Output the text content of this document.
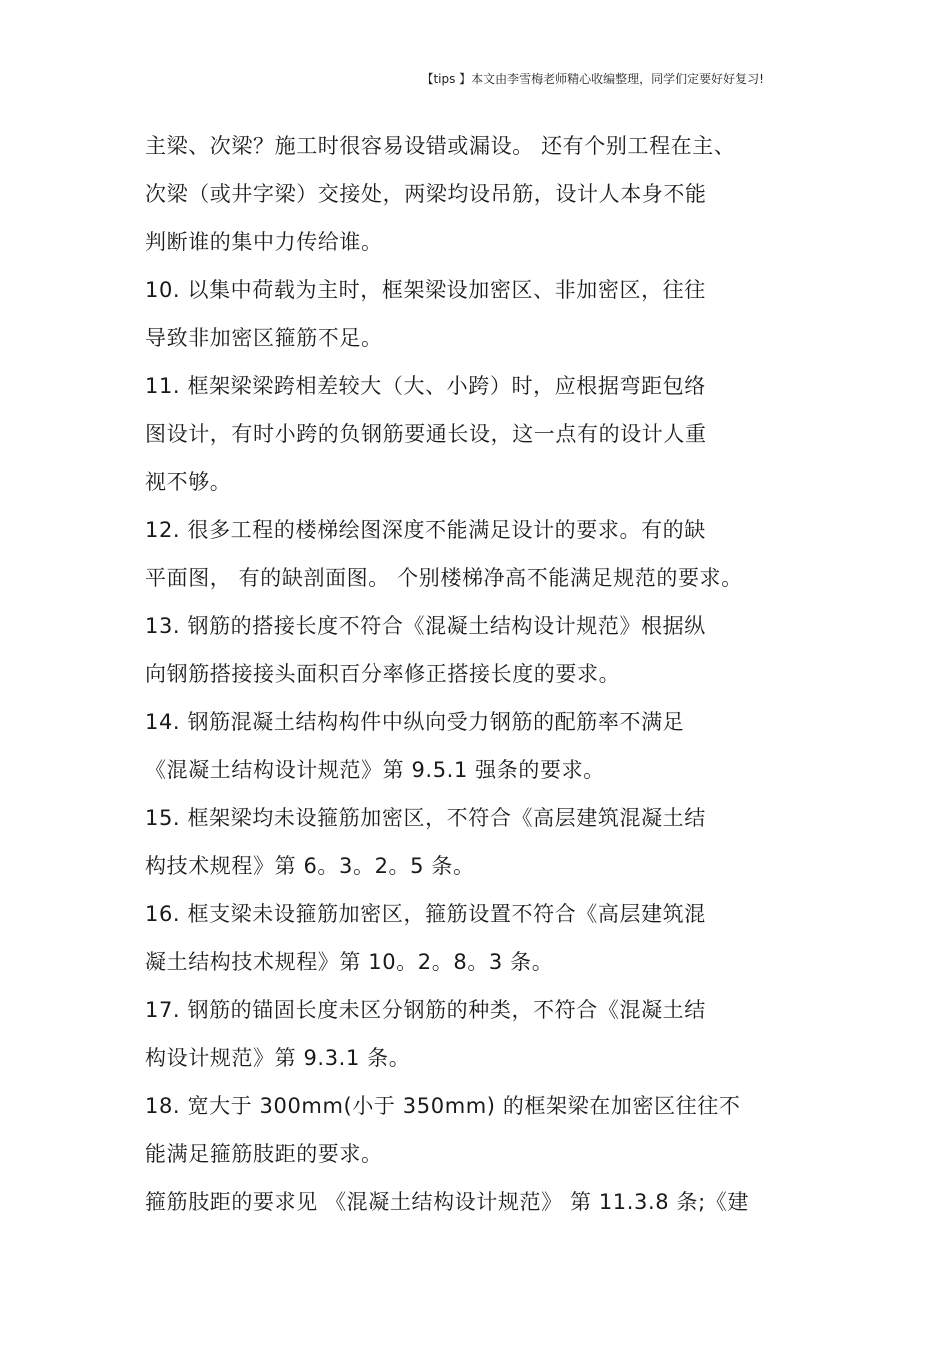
【tips 】本文由李雪梅老师精心收编整理，同学们定要好好复习!
主梁、次梁？施工时很容易设错或漏设。 还有个别工程在主、
次梁（或井字梁）交接处，两梁均设吊筋，设计人本身不能
判断谁的集中力传给谁。
10. 以集中荷载为主时，框架梁设加密区、非加密区，往往
导致非加密区箍筋不足。
11. 框架梁梁跨相差较大（大、小跨）时，应根据弯距包络
图设计，有时小跨的负钢筋要通长设，这一点有的设计人重
视不够。
12. 很多工程的楼梯绘图深度不能满足设计的要求。有的缺
平面图， 有的缺剖面图。 个别楼梯净高不能满足规范的要求。
13. 钢筋的搭接长度不符合《混凝土结构设计规范》根据纵
向钢筋搭接接头面积百分率修正搭接长度的要求。
14. 钢筋混凝土结构构件中纵向受力钢筋的配筋率不满足
《混凝土结构设计规范》第 9.5.1 强条的要求。
15. 框架梁均未设箍筋加密区，不符合《高层建筑混凝土结
构技术规程》第 6。3。2。5 条。
16. 框支梁未设箍筋加密区，箍筋设置不符合《高层建筑混
凝土结构技术规程》第 10。2。8。3 条。
17. 钢筋的锚固长度未区分钢筋的种类，不符合《混凝土结
构设计规范》第 9.3.1 条。
18. 宽大于 300mm(小于 350mm) 的框架梁在加密区往往不
能满足箍筋肢距的要求。
箍筋肢距的要求见 《混凝土结构设计规范》 第 11.3.8 条;《建
